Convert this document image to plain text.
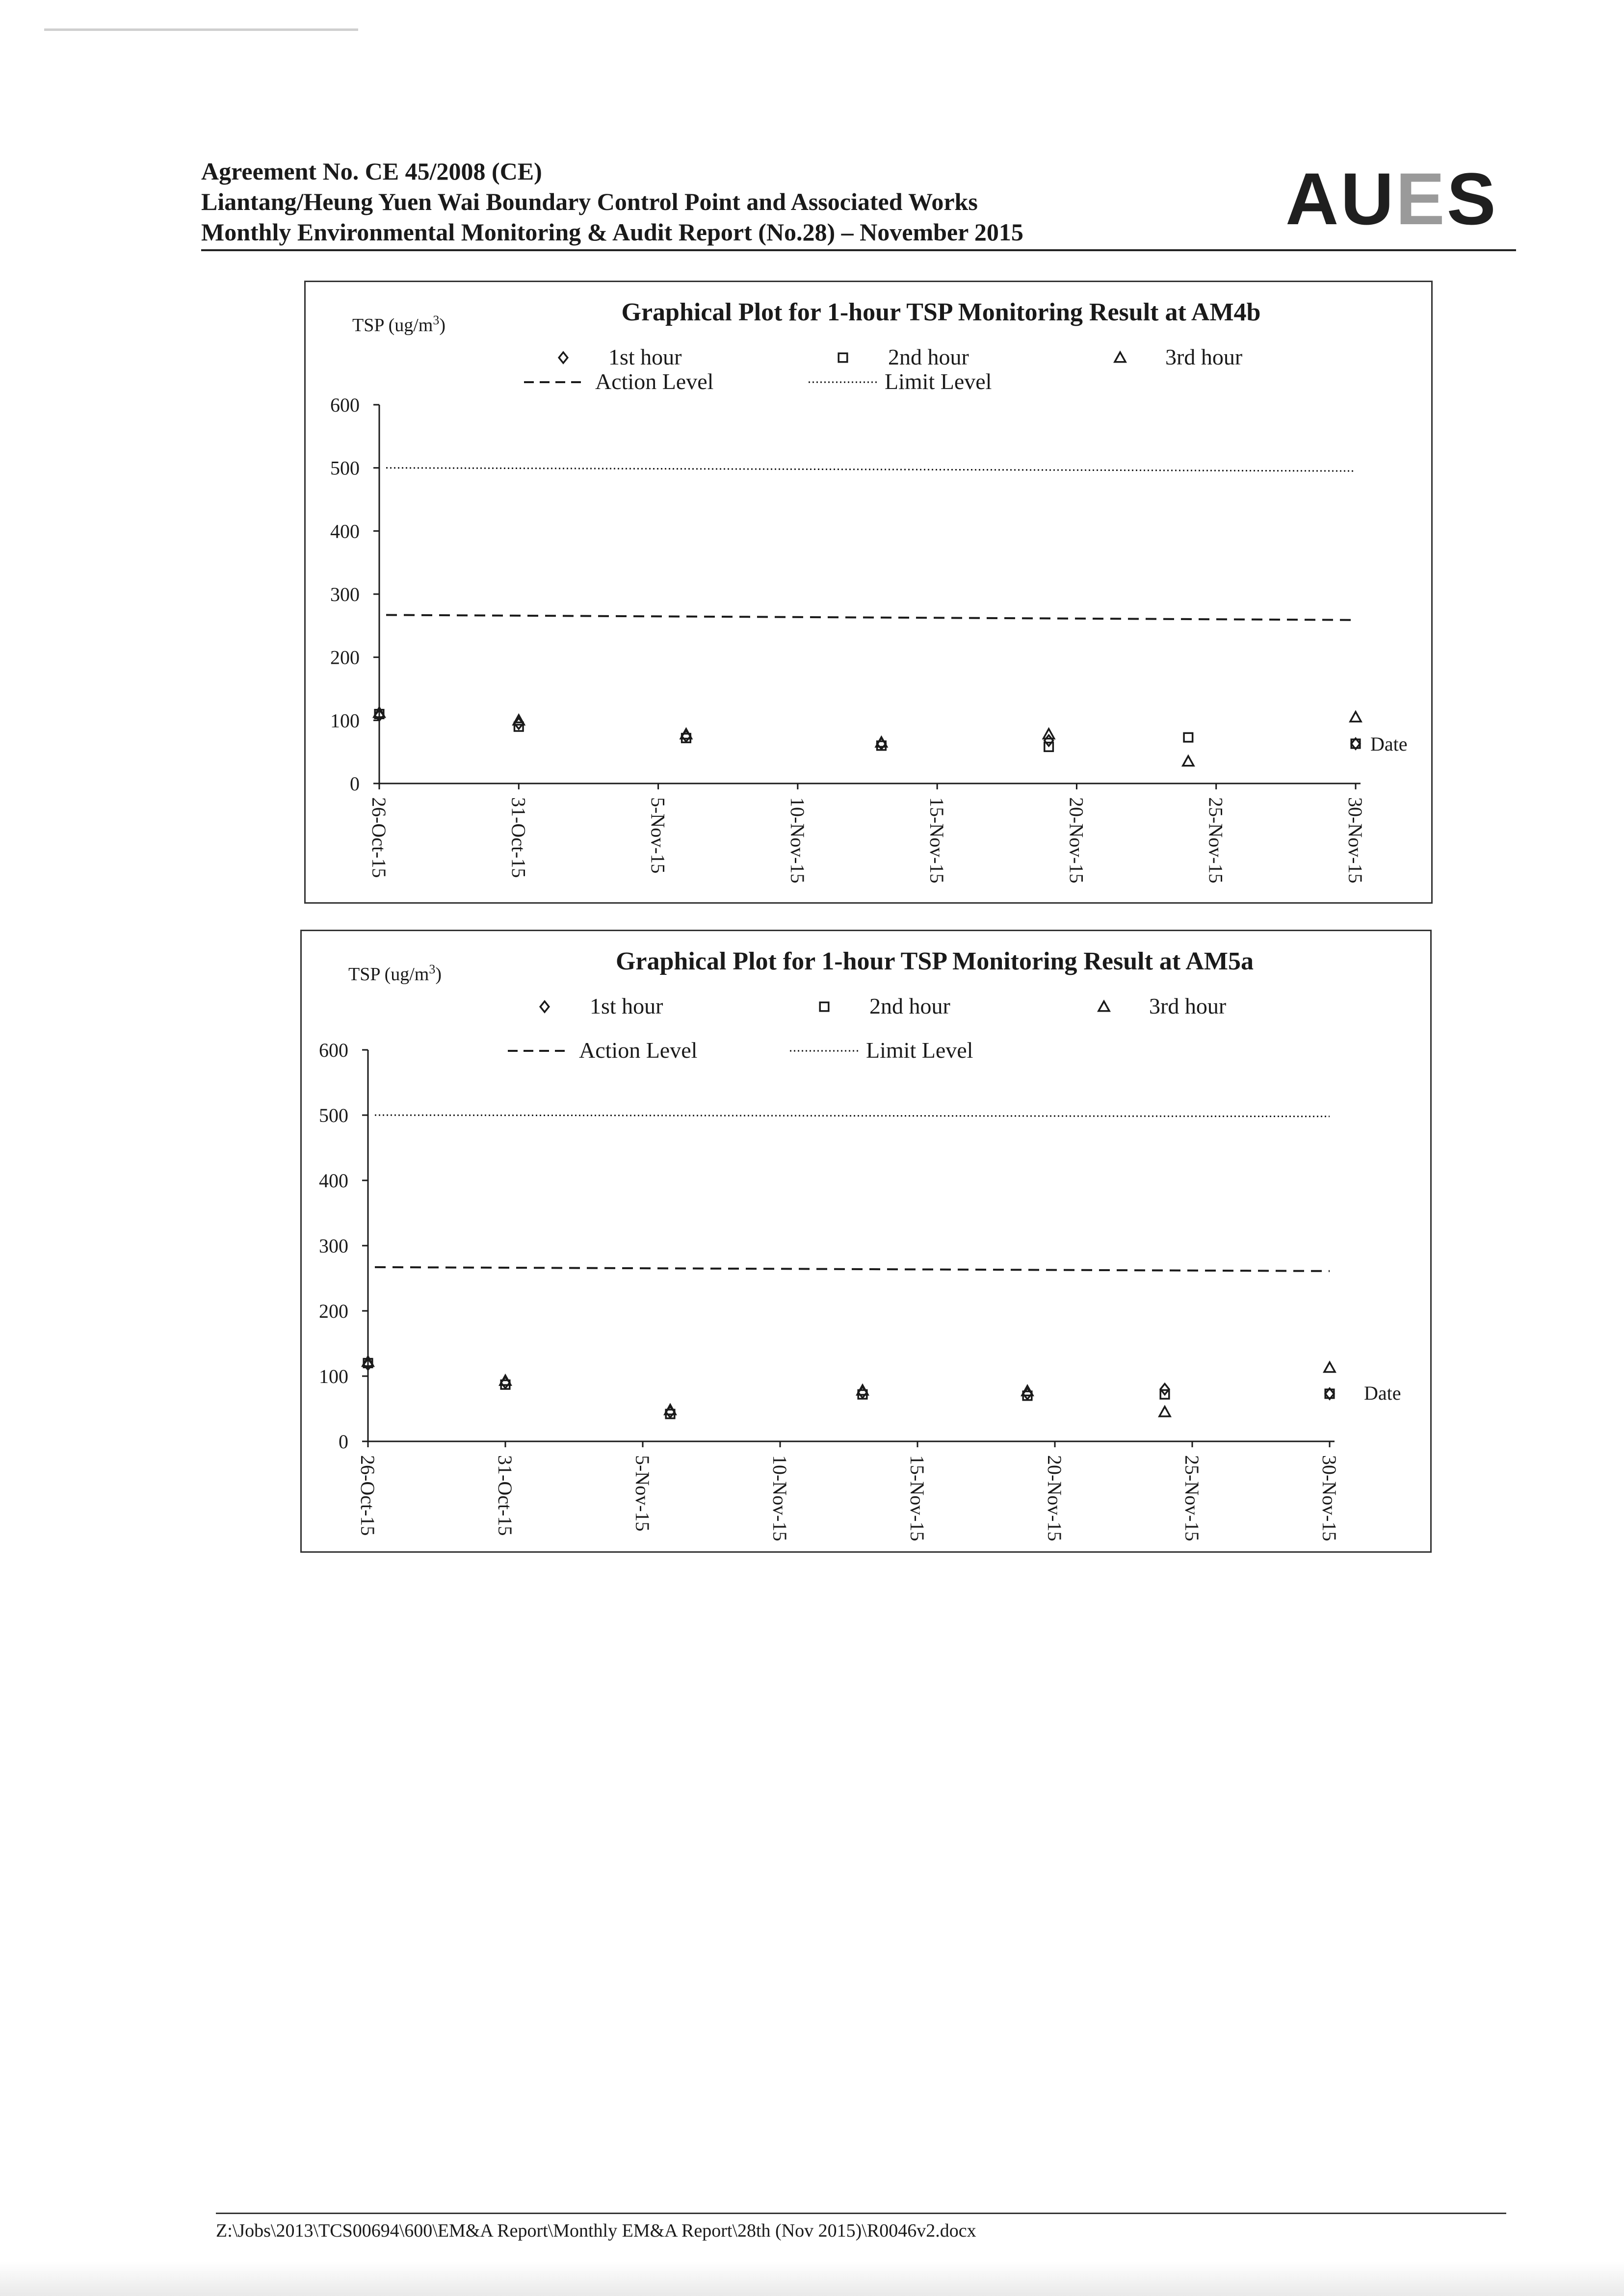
Agreement No. CE 45/2008 (CE)
Liantang/Heung Yuen Wai Boundary Control Point and Associated Works
Monthly Environmental Monitoring & Audit Report (No.28) – November 2015	AUES
Graphical Plot for 1-hour TSP Monitoring Result at AM4b
TSP $(ug/m^3)$
1st hour	2nd hour	3rd hour
Action Level	Limit Level
0
100
200
300
400
500
600
26-Oct-15	31-Oct-15	5-Nov-15	10-Nov-15	15-Nov-15	20-Nov-15	25-Nov-15	30-Nov-15
Date
Graphical Plot for 1-hour TSP Monitoring Result at AM5a
TSP $(ug/m^3)$
1st hour	2nd hour	3rd hour
Action Level	Limit Level
0
100
200
300
400
500
600
26-Oct-15	31-Oct-15	5-Nov-15	10-Nov-15	15-Nov-15	20-Nov-15	25-Nov-15	30-Nov-15
Date
Z:\Jobs\2013\TCS00694\600\EM&A Report\Monthly EM&A Report\28th (Nov 2015)\R0046v2.docx
